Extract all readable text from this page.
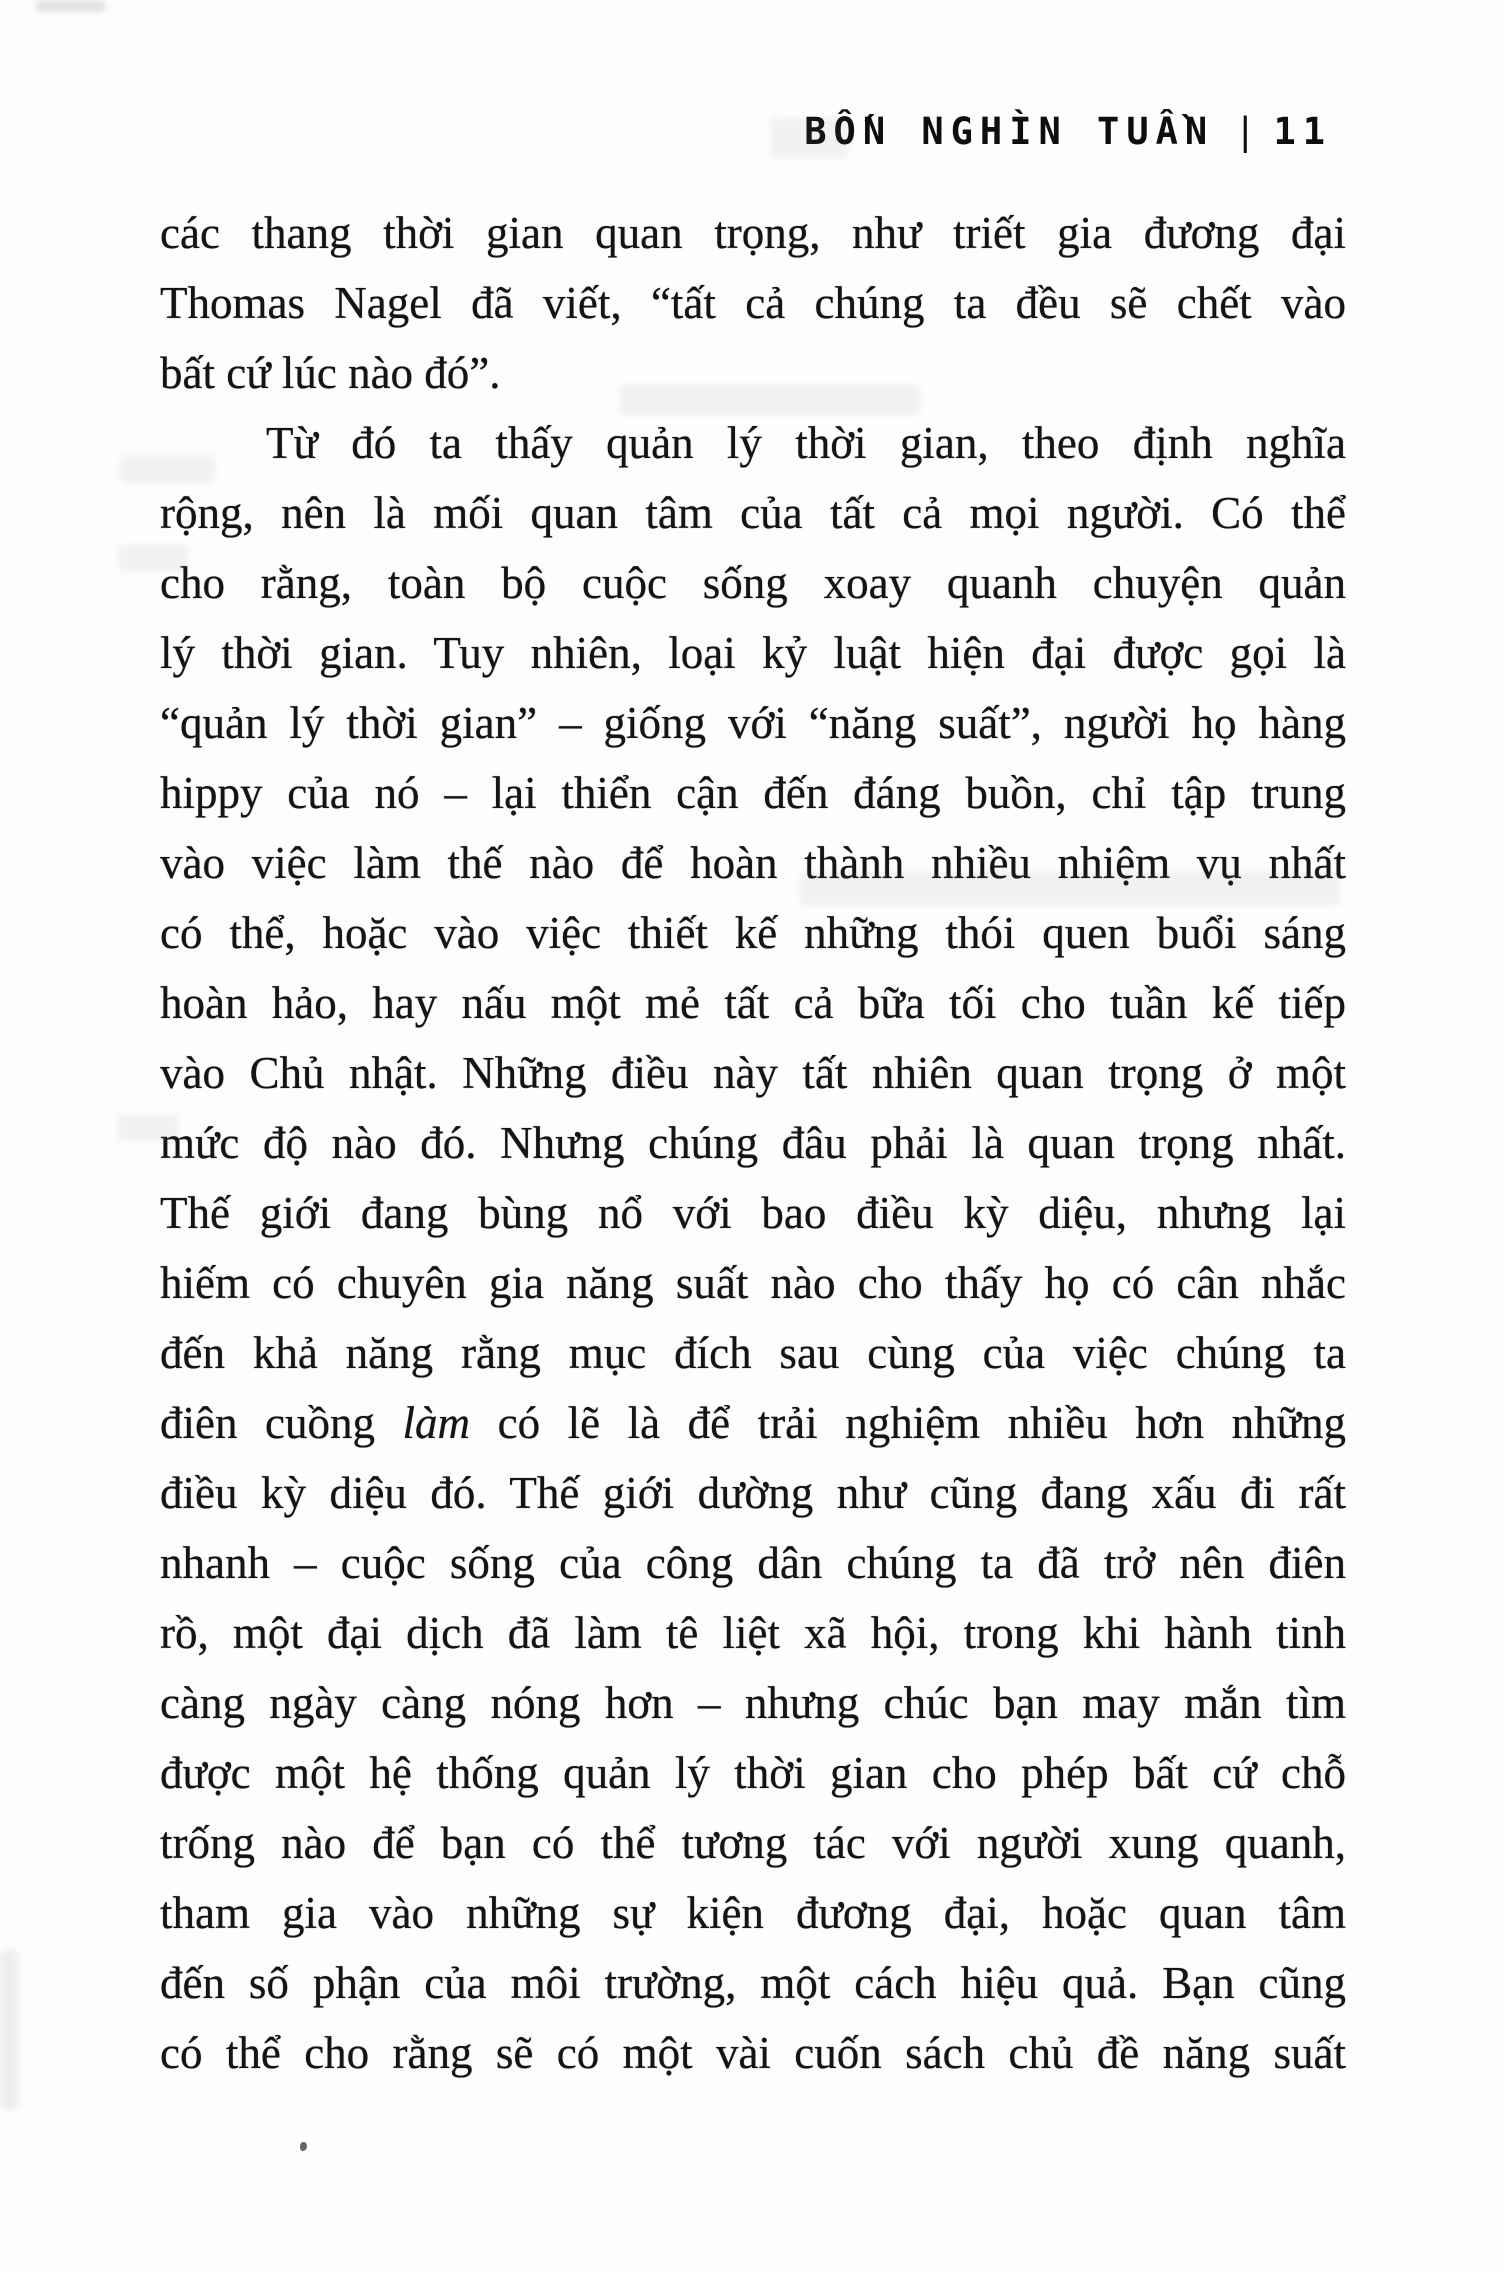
BỐN NGHÌN TUẦN | 11
các thang thời gian quan trọng, như triết gia đương đại
Thomas Nagel đã viết, “tất cả chúng ta đều sẽ chết vào
bất cứ lúc nào đó”.
Từ đó ta thấy quản lý thời gian, theo định nghĩa
rộng, nên là mối quan tâm của tất cả mọi người. Có thể
cho rằng, toàn bộ cuộc sống xoay quanh chuyện quản
lý thời gian. Tuy nhiên, loại kỷ luật hiện đại được gọi là
“quản lý thời gian” – giống với “năng suất”, người họ hàng
hippy của nó – lại thiển cận đến đáng buồn, chỉ tập trung
vào việc làm thế nào để hoàn thành nhiều nhiệm vụ nhất
có thể, hoặc vào việc thiết kế những thói quen buổi sáng
hoàn hảo, hay nấu một mẻ tất cả bữa tối cho tuần kế tiếp
vào Chủ nhật. Những điều này tất nhiên quan trọng ở một
mức độ nào đó. Nhưng chúng đâu phải là quan trọng nhất.
Thế giới đang bùng nổ với bao điều kỳ diệu, nhưng lại
hiếm có chuyên gia năng suất nào cho thấy họ có cân nhắc
đến khả năng rằng mục đích sau cùng của việc chúng ta
điên cuồng làm có lẽ là để trải nghiệm nhiều hơn những
điều kỳ diệu đó. Thế giới dường như cũng đang xấu đi rất
nhanh – cuộc sống của công dân chúng ta đã trở nên điên
rồ, một đại dịch đã làm tê liệt xã hội, trong khi hành tinh
càng ngày càng nóng hơn – nhưng chúc bạn may mắn tìm
được một hệ thống quản lý thời gian cho phép bất cứ chỗ
trống nào để bạn có thể tương tác với người xung quanh,
tham gia vào những sự kiện đương đại, hoặc quan tâm
đến số phận của môi trường, một cách hiệu quả. Bạn cũng
có thể cho rằng sẽ có một vài cuốn sách chủ đề năng suất
